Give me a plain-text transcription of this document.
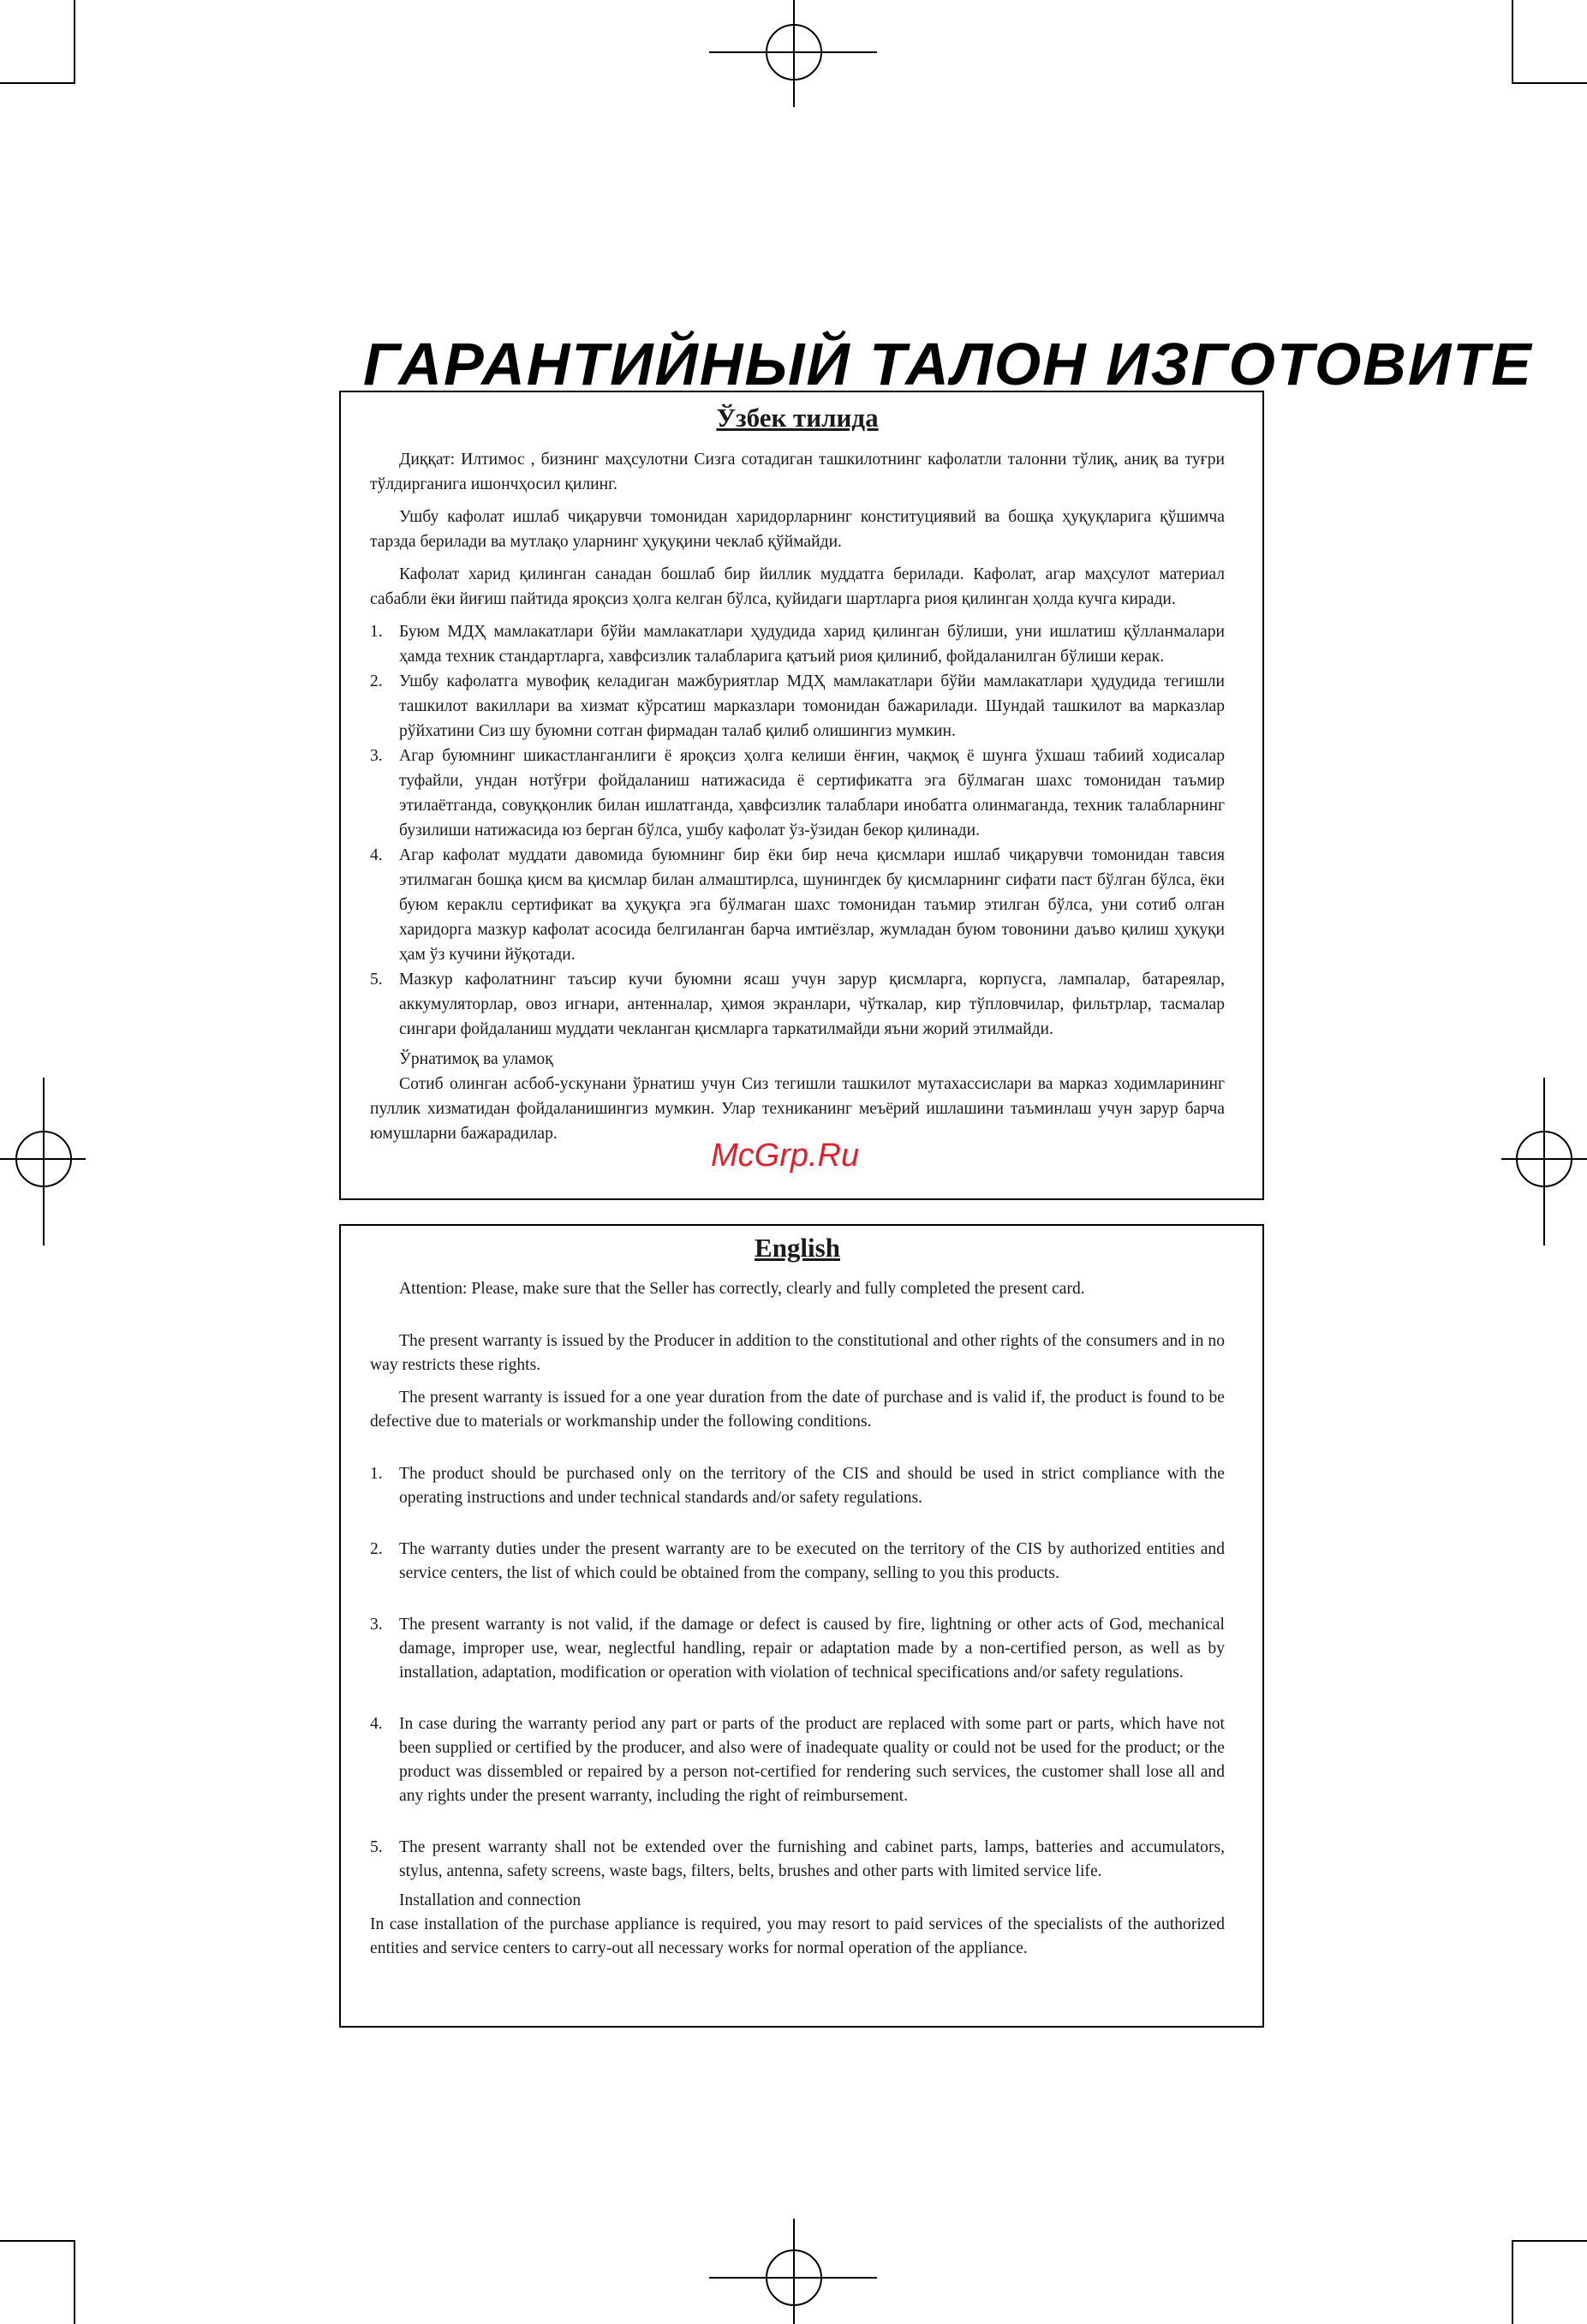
ГАРАНТИЙНЫЙ ТАЛОН ИЗГОТОВИТЕ
Ўзбек тилида

Диққат: Илтимос , бизнинг маҳсулотни Сизга сотадиган ташкилотнинг кафолатли талонни тўлиқ, аниқ ва туғри тўлдирганига ишончҳосил қилинг.

Ушбу кафолат ишлаб чиқарувчи томонидан харидорларнинг конституциявий ва бошқа ҳуқуқларига қўшимча тарзда берилади ва мутлақо уларнинг ҳуқуқини чеклаб қўймайди.

Кафолат харид қилинган санадан бошлаб бир йиллик муддатга берилади. Кафолат, агар маҳсулот материал сабабли ёки йиғиш пайтида яроқсиз ҳолга келган бўлса, қуйидаги шартларга риоя қилинган ҳолда кучга киради.

1. Буюм МДҲ мамлакатлари бўйи мамлакатлари ҳудудида харид қилинган бўлиши, уни ишлатиш қўлланмалари ҳамда техник стандартларга, хавфсизлик талабларига қатъий риоя қилиниб, фойдаланилган бўлиши керак.
2. Ушбу кафолатга мувофиқ келадиган мажбуриятлар МДҲ мамлакатлари бўйи мамлакатлари ҳудудида тегишли ташкилот вакиллари ва хизмат кўрсатиш марказлари томонидан бажарилади. Шундай ташкилот ва марказлар рўйхатини Сиз шу буюмни сотган фирмадан талаб қилиб олишингиз мумкин.
3. Агар буюмнинг шикастланганлиги ё яроқсиз ҳолга келиши ёнғин, чақмоқ ё шунга ўхшаш табиий ходисалар туфайли, ундан нотўғри фойдаланиш натижасида ё сертификатга эга бўлмаган шахс томонидан таъмир этилаётганда, совуққонлик билан ишлатганда, ҳавфсизлик талаблари инобатга олинмаганда, техник талабларнинг бузилиши натижасида юз берган бўлса, ушбу кафолат ўз-ўзидан бекор қилинади.
4. Агар кафолат муддати давомида буюмнинг бир ёки бир неча қисмлари ишлаб чиқарувчи томонидан тавсия этилмаган бошқа қисм ва қисмлар билан алмаштирлса, шунингдек бу қисмларнинг сифати паст бўлган бўлса, ёки буюм кераклu сертификат ва ҳуқуқга эга бўлмаган шахс томонидан таъмир этилган бўлса, уни сотиб олган харидорга мазкур кафолат асосида белгиланган барча имтиёзлар, жумладан буюм товонини даъво қилиш ҳуқуқи ҳам ўз кучини йўқотади.
5. Мазкур кафолатнинг таъсир кучи буюмни ясаш учун зарур қисмларга, корпусга, лампалар, батареялар, аккумуляторлар, овоз игнари, антенналар, ҳимоя экранлари, чўткалар, кир тўпловчилар, фильтрлар, тасмалар сингари фойдаланиш муддати чекланган қисмларга таркатилмайди яъни жорий этилмайди.

Ўрнатимоқ ва уламоқ

Сотиб олинган асбоб-ускунани ўрнатиш учун Сиз тегишли ташкилот мутахассислари ва марказ ходимларининг пуллик хизматидан фойдаланишингиз мумкин. Улар техниканинг меъёрий ишлашини таъминлаш учун зарур барча юмушларни бажарадилар.

English

Attention: Please, make sure that the Seller has correctly, clearly and fully completed the present card.

The present warranty is issued by the Producer in addition to the constitutional and other rights of the consumers and in no way restricts these rights.

The present warranty is issued for a one year duration from the date of purchase and is valid if, the product is found to be defective due to materials or workmanship under the following conditions.

1. The product should be purchased only on the territory of the CIS and should be used in strict compliance with the operating instructions and under technical standards and/or safety regulations.
2. The warranty duties under the present warranty are to be executed on the territory of the CIS by authorized entities and service centers, the list of which could be obtained from the company, selling to you this products.
3. The present warranty is not valid, if the damage or defect is caused by fire, lightning or other acts of God, mechanical damage, improper use, wear, neglectful handling, repair or adaptation made by a non-certified person, as well as by installation, adaptation, modification or operation with violation of technical specifications and/or safety regulations.
4. In case during the warranty period any part or parts of the product are replaced with some part or parts, which have not been supplied or certified by the producer, and also were of inadequate quality or could not be used for the product; or the product was dissembled or repaired by a person not-certified for rendering such services, the customer shall lose all and any rights under the present warranty, including the right of reimbursement.
5. The present warranty shall not be extended over the furnishing and cabinet parts, lamps, batteries and accumulators, stylus, antenna, safety screens, waste bags, filters, belts, brushes and other parts with limited service life.

Installation and connection

In case installation of the purchase appliance is required, you may resort to paid services of the specialists of the authorized entities and service centers to carry-out all necessary works for normal operation of the appliance.

McGrp.Ru
